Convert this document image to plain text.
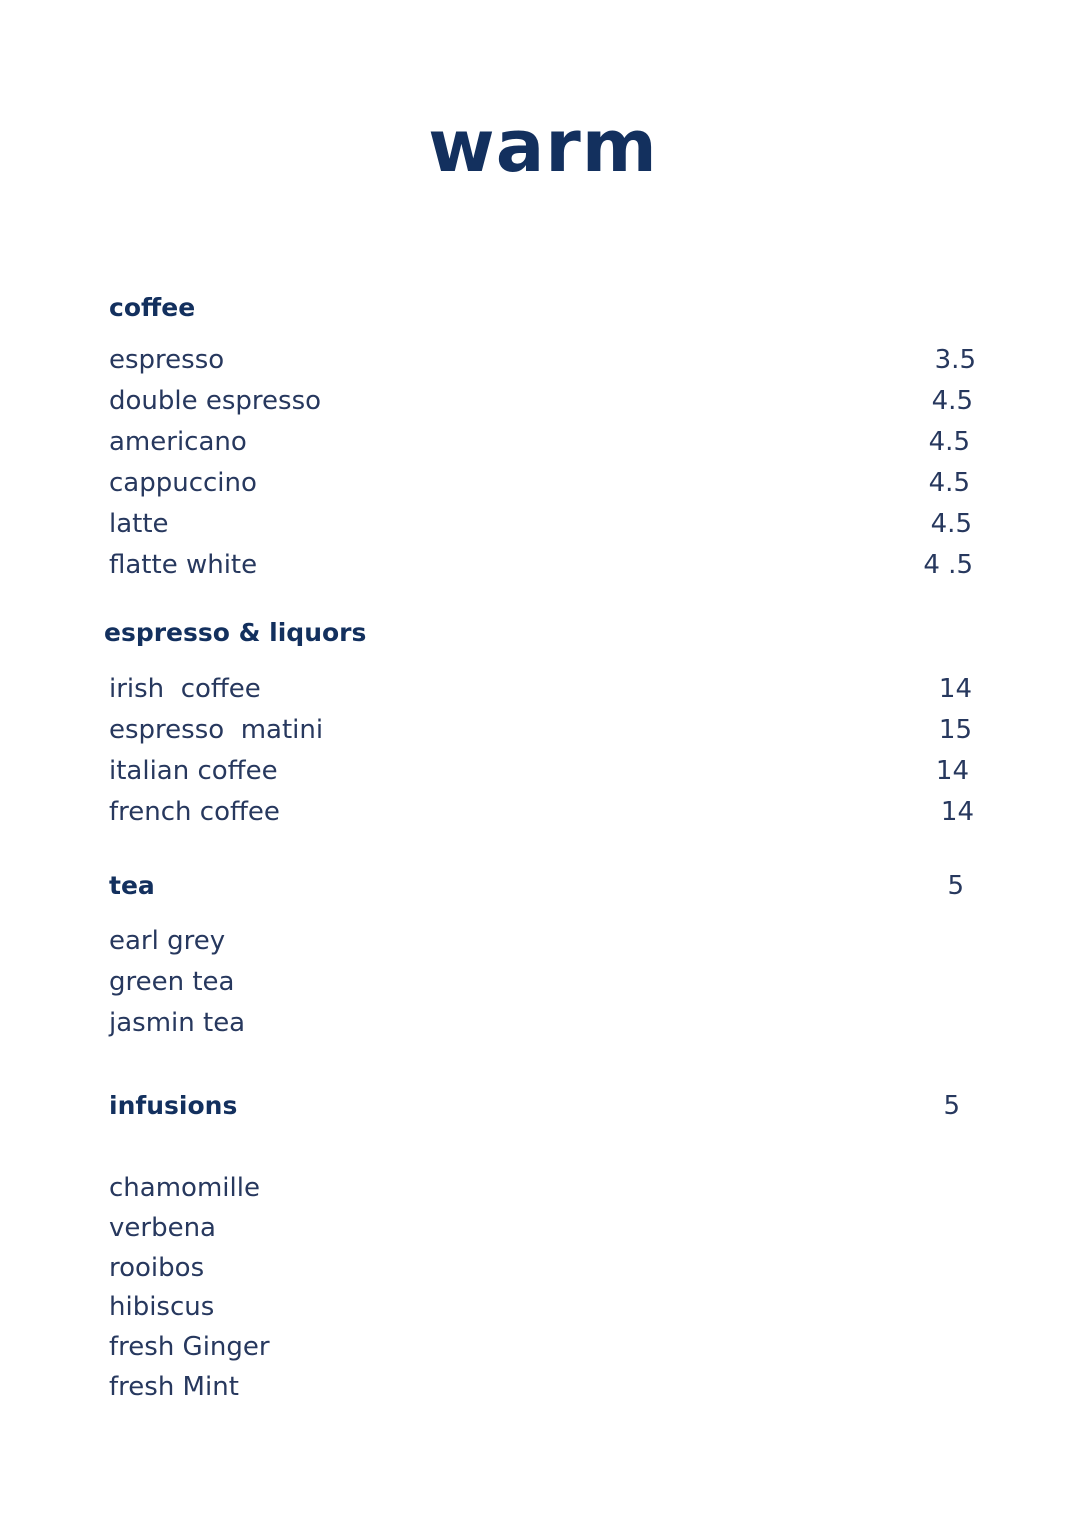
warm
coffee
espresso	3.5
double espresso	4.5
americano	4.5
cappuccino	4.5
latte	4.5
flatte white	4 .5
espresso & liquors
irish  coffee	14
espresso  matini	15
italian coffee	14
french coffee	14
tea	5
earl grey
green tea
jasmin tea
infusions	5
chamomille
verbena
rooibos
hibiscus
fresh Ginger
fresh Mint
